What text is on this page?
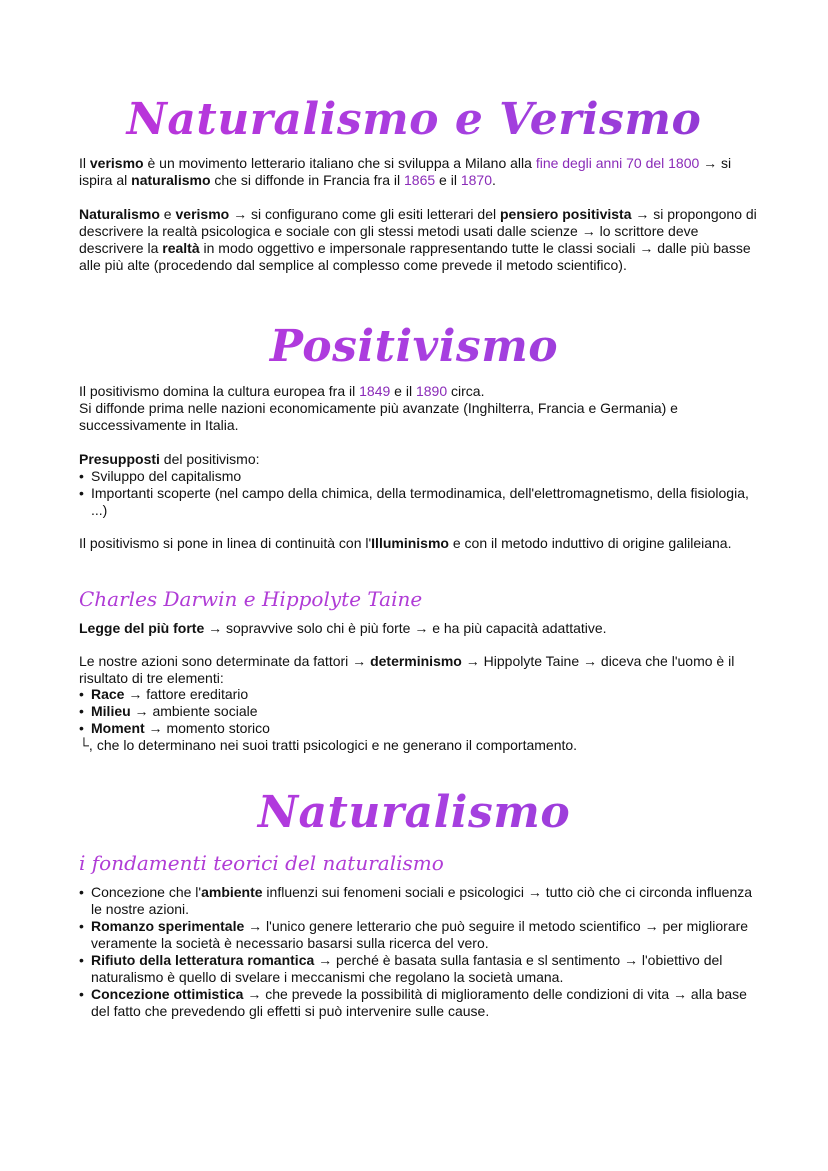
Naturalismo e Verismo

Il verismo è un movimento letterario italiano che si sviluppa a Milano alla fine degli anni 70 del 1800 → si ispira al naturalismo che si diffonde in Francia fra il 1865 e il 1870.

Naturalismo e verismo → si configurano come gli esiti letterari del pensiero positivista → si propongono di descrivere la realtà psicologica e sociale con gli stessi metodi usati dalle scienze → lo scrittore deve descrivere la realtà in modo oggettivo e impersonale rappresentando tutte le classi sociali → dalle più basse alle più alte (procedendo dal semplice al complesso come prevede il metodo scientifico).

Positivismo

Il positivismo domina la cultura europea fra il 1849 e il 1890 circa.
Si diffonde prima nelle nazioni economicamente più avanzate (Inghilterra, Francia e Germania) e successivamente in Italia.

Presupposti del positivismo:

• Sviluppo del capitalismo
• Importanti scoperte (nel campo della chimica, della termodinamica, dell'elettromagnetismo, della fisiologia, ...)

Il positivismo si pone in linea di continuità con l'Illuminismo e con il metodo induttivo di origine galileiana.

Charles Darwin e Hippolyte Taine

Legge del più forte → sopravvive solo chi è più forte → e ha più capacità adattative.

Le nostre azioni sono determinate da fattori → determinismo → Hippolyte Taine → diceva che l'uomo è il risultato di tre elementi:

• Race → fattore ereditario
• Milieu → ambiente sociale
• Moment → momento storico

└, che lo determinano nei suoi tratti psicologici e ne generano il comportamento.

Naturalismo
i fondamenti teorici del naturalismo
• Concezione che l'ambiente influenzi sui fenomeni sociali e psicologici → tutto ciò che ci circonda influenza le nostre azioni.
• Romanzo sperimentale → l'unico genere letterario che può seguire il metodo scientifico → per migliorare veramente la società è necessario basarsi sulla ricerca del vero.
• Rifiuto della letteratura romantica → perché è basata sulla fantasia e sl sentimento → l'obiettivo del naturalismo è quello di svelare i meccanismi che regolano la società umana.
• Concezione ottimistica → che prevede la possibilità di miglioramento delle condizioni di vita → alla base del fatto che prevedendo gli effetti si può intervenire sulle cause.
